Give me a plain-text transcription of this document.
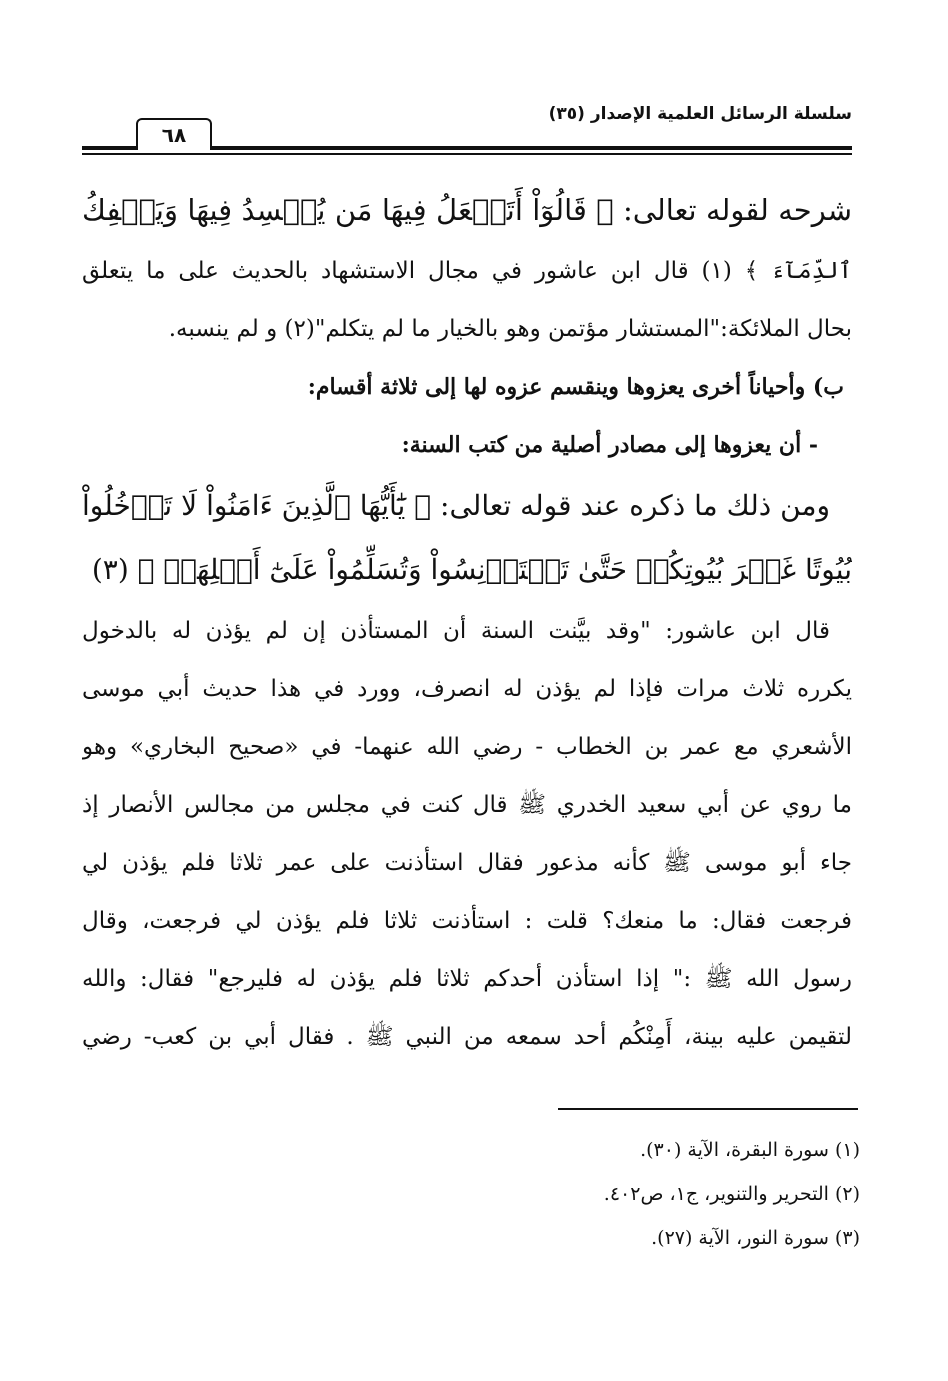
سلسلة الرسائل العلمية الإصدار (٣٥)
٦٨
شرحه لقوله تعالى: ﴿ قَالُوٓاْ أَتَجۡعَلُ فِيهَا مَن يُفۡسِدُ فِيهَا وَيَسۡفِكُ
ٱلدِّمَآءَ ﴾ (١) قال ابن عاشور في مجال الاستشهاد بالحديث على ما يتعلق
بحال الملائكة:"المستشار مؤتمن وهو بالخيار ما لم يتكلم"(٢) و لم ينسبه.
ب) وأحياناً أخرى يعزوها وينقسم عزوه لها إلى ثلاثة أقسام:
- أن يعزوها إلى مصادر أصلية من كتب السنة:
ومن ذلك ما ذكره عند قوله تعالى: ﴿ يَٰٓأَيُّهَا ٱلَّذِينَ ءَامَنُواْ لَا تَدۡخُلُواْ
بُيُوتًا غَيۡرَ بُيُوتِكُمۡ حَتَّىٰ تَسۡتَأۡنِسُواْ وَتُسَلِّمُواْ عَلَىٰٓ أَهۡلِهَاۚ ﴾ (٣)
قال ابن عاشور: "وقد بيَّنت السنة أن المستأذن إن لم يؤذن له بالدخول
يكرره ثلاث مرات فإذا لم يؤذن له انصرف، وورد في هذا حديث أبي موسى
الأشعري مع عمر بن الخطاب - رضي الله عنهما- في «صحيح البخاري» وهو
ما روي عن أبي سعيد الخدري ﷺ قال كنت في مجلس من مجالس الأنصار إذ
جاء أبو موسى ﷺ كأنه مذعور فقال استأذنت على عمر ثلاثا فلم يؤذن لي
فرجعت فقال: ما منعك؟ قلت : استأذنت ثلاثا فلم يؤذن لي فرجعت، وقال
رسول الله ﷺ :" إذا استأذن أحدكم ثلاثا فلم يؤذن له فليرجع" فقال: والله
لتقيمن عليه بينة، أَمِنْكُم أحد سمعه من النبي ﷺ . فقال أبي بن كعب- رضي
(١) سورة البقرة، الآية (٣٠).
(٢) التحرير والتنوير، ج١، ص٤٠٢.
(٣) سورة النور، الآية (٢٧).
